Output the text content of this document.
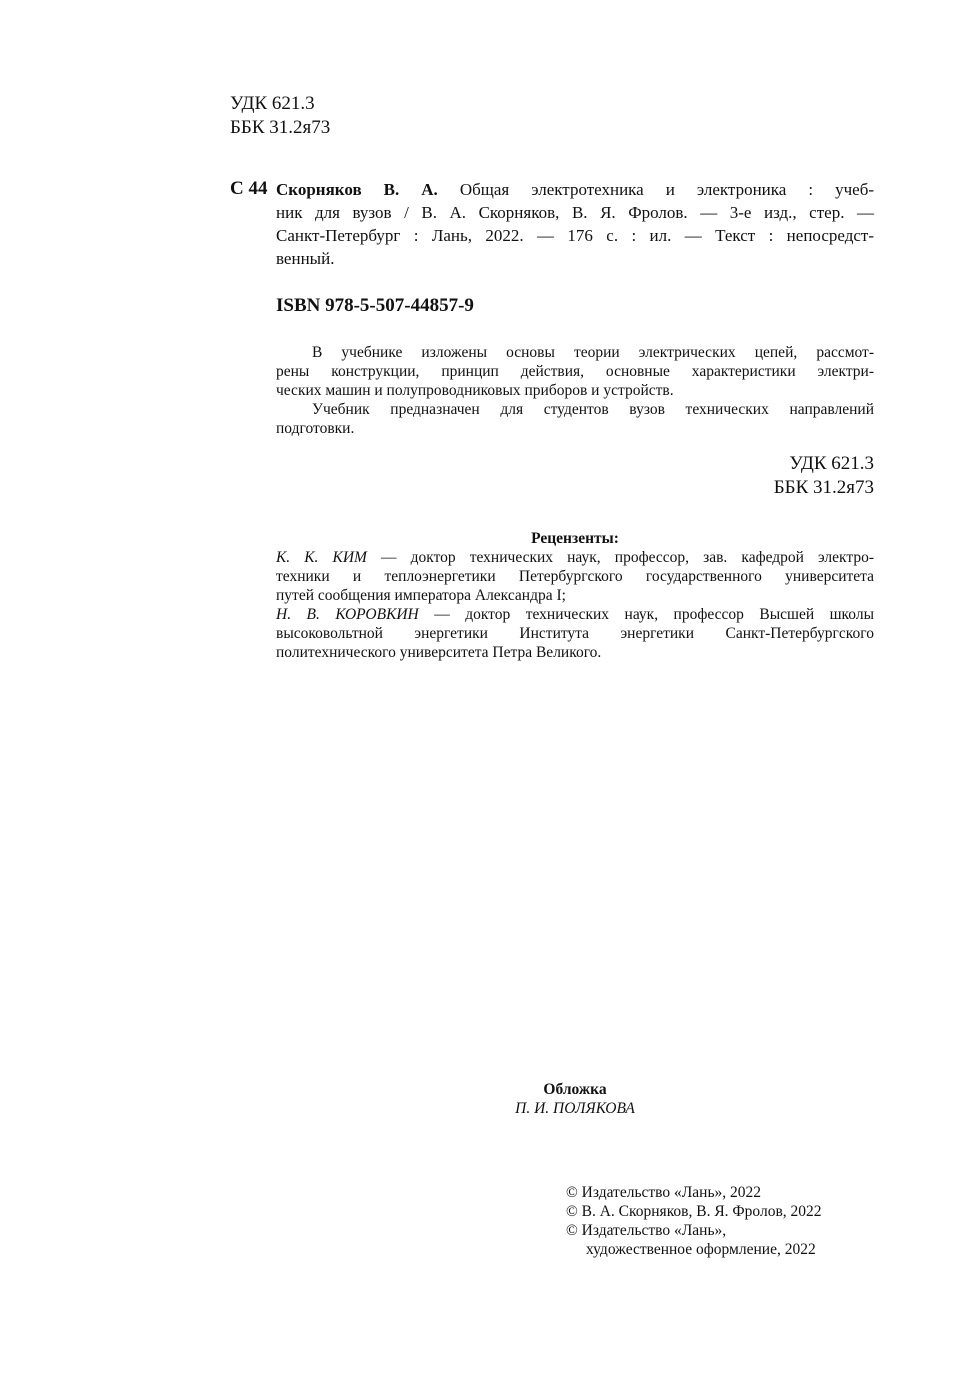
УДК 621.3
ББК 31.2я73
С 44 Скорняков В. А. Общая электротехника и электроника : учеб-
ник для вузов / В. А. Скорняков, В. Я. Фролов. — 3-е изд., стер. —
Санкт-Петербург : Лань, 2022. — 176 с. : ил. — Текст : непосредст-
венный.
ISBN 978-5-507-44857-9
В учебнике изложены основы теории электрических цепей, рассмот-
рены конструкции, принцип действия, основные характеристики электри-
ческих машин и полупроводниковых приборов и устройств.
Учебник предназначен для студентов вузов технических направлений
подготовки.
УДК 621.3
ББК 31.2я73
Рецензенты:
К. К. КИМ — доктор технических наук, профессор, зав. кафедрой электро-
техники и теплоэнергетики Петербургского государственного университета
путей сообщения императора Александра I;
Н. В. КОРОВКИН — доктор технических наук, профессор Высшей школы
высоковольтной энергетики Института энергетики Санкт-Петербургского
политехнического университета Петра Великого.
Обложка
П. И. ПОЛЯКОВА
© Издательство «Лань», 2022
© В. А. Скорняков, В. Я. Фролов, 2022
© Издательство «Лань»,
художественное оформление, 2022
